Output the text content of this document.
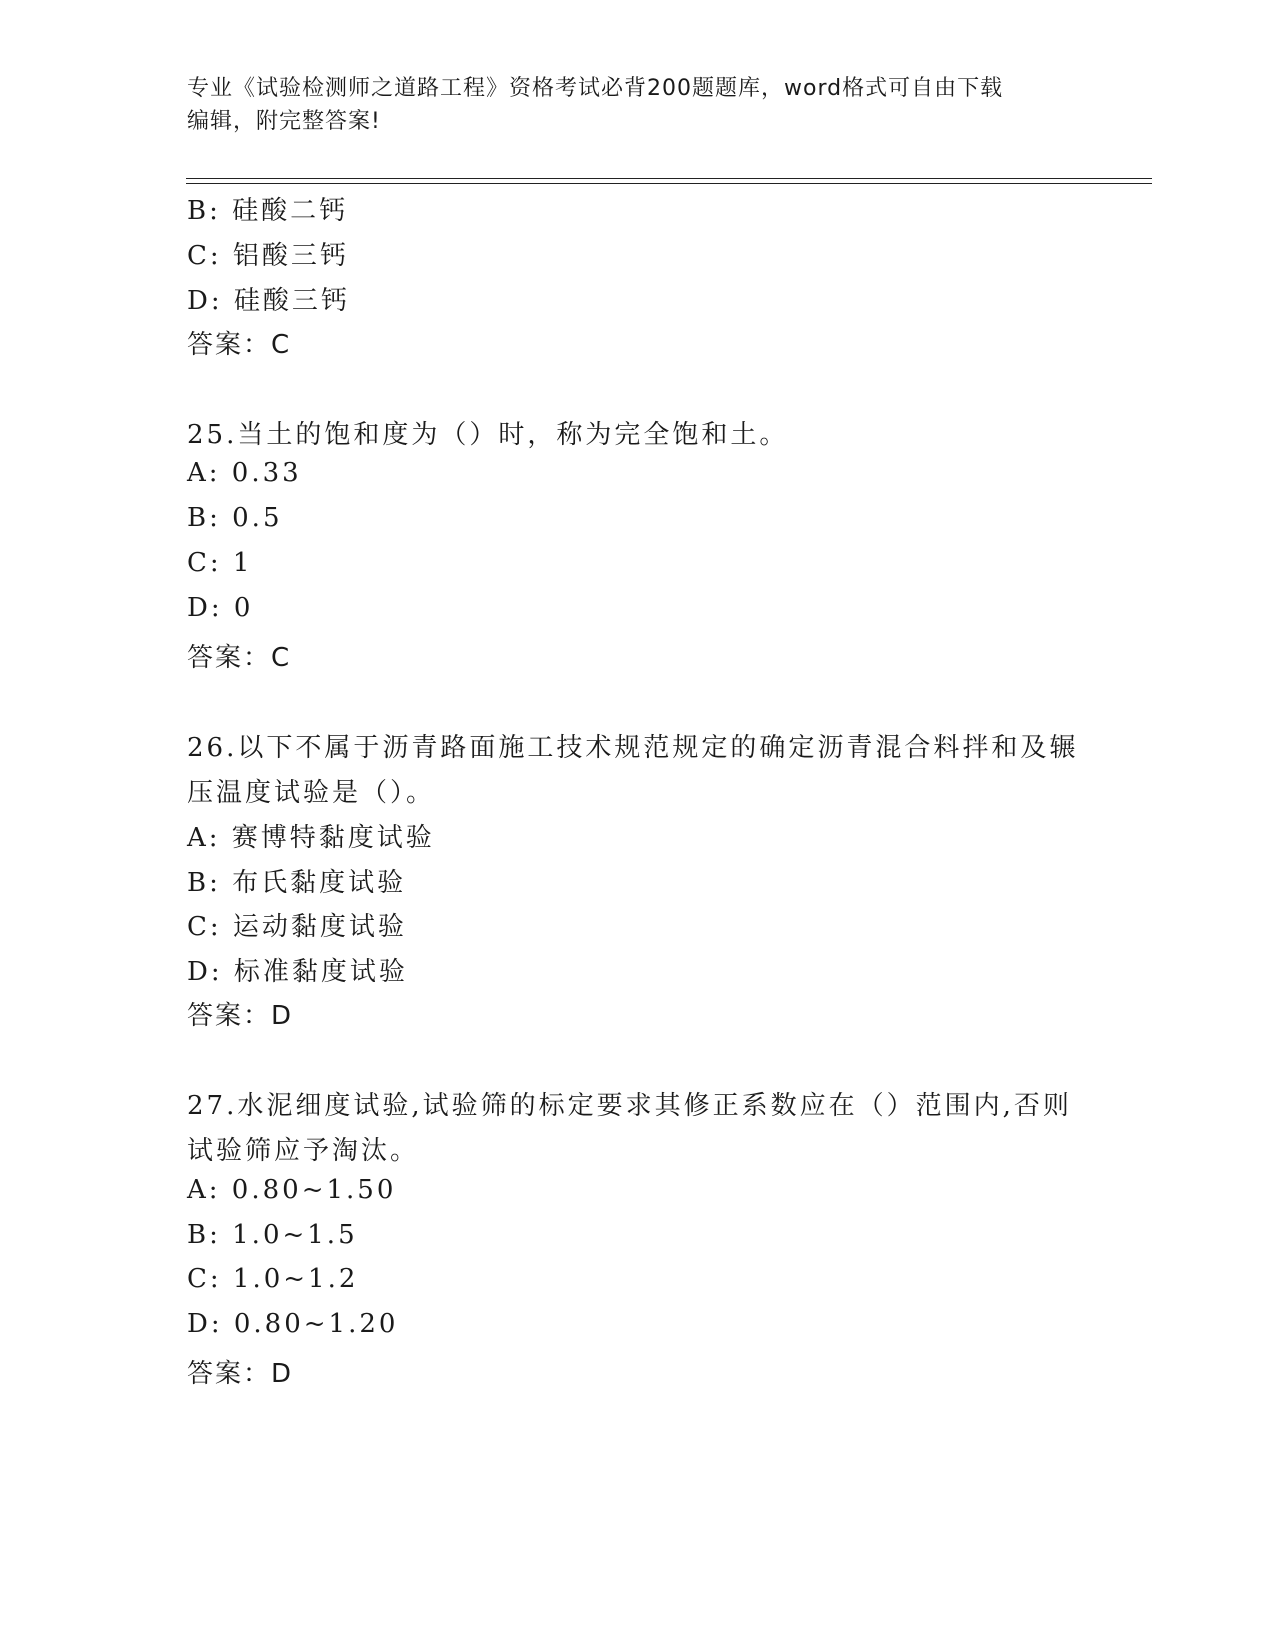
专业《试验检测师之道路工程》资格考试必背200题题库，word格式可自由下载
编辑，附完整答案!
B: 硅酸二钙
C: 铝酸三钙
D: 硅酸三钙
答案：C
25.当土的饱和度为（）时，称为完全饱和土。
A: 0.33
B: 0.5
C: 1
D: 0
答案：C
26.以下不属于沥青路面施工技术规范规定的确定沥青混合料拌和及辗
压温度试验是（）。
A: 赛博特黏度试验
B: 布氏黏度试验
C: 运动黏度试验
D: 标准黏度试验
答案：D
27.水泥细度试验,试验筛的标定要求其修正系数应在（）范围内,否则
试验筛应予淘汰。
A: 0.80~1.50
B: 1.0~1.5
C: 1.0~1.2
D: 0.80~1.20
答案：D
